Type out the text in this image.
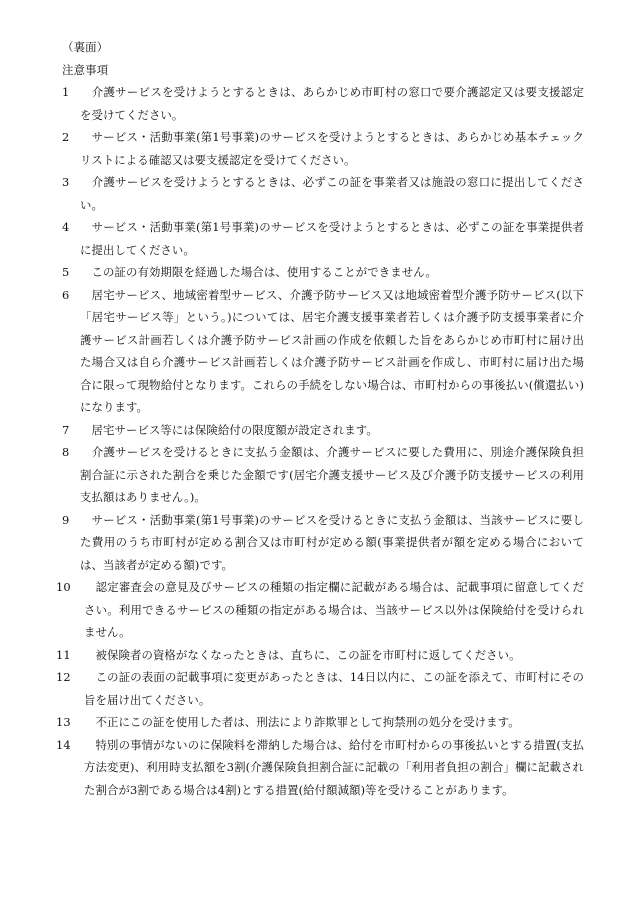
（裏面）

注意事項

1 　介護サービスを受けようとするときは、あらかじめ市町村の窓口で要介護認定又は要支援認定を受けてください。
2 　サービス・活動事業(第1号事業)のサービスを受けようとするときは、あらかじめ基本チェックリストによる確認又は要支援認定を受けてください。
3 　介護サービスを受けようとするときは、必ずこの証を事業者又は施設の窓口に提出してください。
4 　サービス・活動事業(第1号事業)のサービスを受けようとするときは、必ずこの証を事業提供者に提出してください。
5 　この証の有効期限を経過した場合は、使用することができません。
6 　居宅サービス、地域密着型サービス、介護予防サービス又は地域密着型介護予防サービス(以下「居宅サービス等」という。)については、居宅介護支援事業者若しくは介護予防支援事業者に介護サービス計画若しくは介護予防サービス計画の作成を依頼した旨をあらかじめ市町村に届け出た場合又は自ら介護サービス計画若しくは介護予防サービス計画を作成し、市町村に届け出た場合に限って現物給付となります。これらの手続をしない場合は、市町村からの事後払い(償還払い)になります。
7 　居宅サービス等には保険給付の限度額が設定されます。
8 　介護サービスを受けるときに支払う金額は、介護サービスに要した費用に、別途介護保険負担割合証に示された割合を乗じた金額です(居宅介護支援サービス及び介護予防支援サービスの利用支払額はありません。)。
9 　サービス・活動事業(第1号事業)のサービスを受けるときに支払う金額は、当該サービスに要した費用のうち市町村が定める割合又は市町村が定める額(事業提供者が額を定める場合においては、当該者が定める額)です。
10	　認定審査会の意見及びサービスの種類の指定欄に記載がある場合は、記載事項に留意してください。利用できるサービスの種類の指定がある場合は、当該サービス以外は保険給付を受けられません。
11	　被保険者の資格がなくなったときは、直ちに、この証を市町村に返してください。
12	　この証の表面の記載事項に変更があったときは、14日以内に、この証を添えて、市町村にその旨を届け出てください。
13	　不正にこの証を使用した者は、刑法により詐欺罪として拘禁刑の処分を受けます。
14	　特別の事情がないのに保険料を滞納した場合は、給付を市町村からの事後払いとする措置(支払方法変更)、利用時支払額を3割(介護保険負担割合証に記載の「利用者負担の割合」欄に記載された割合が3割である場合は4割)とする措置(給付額減額)等を受けることがあります。
